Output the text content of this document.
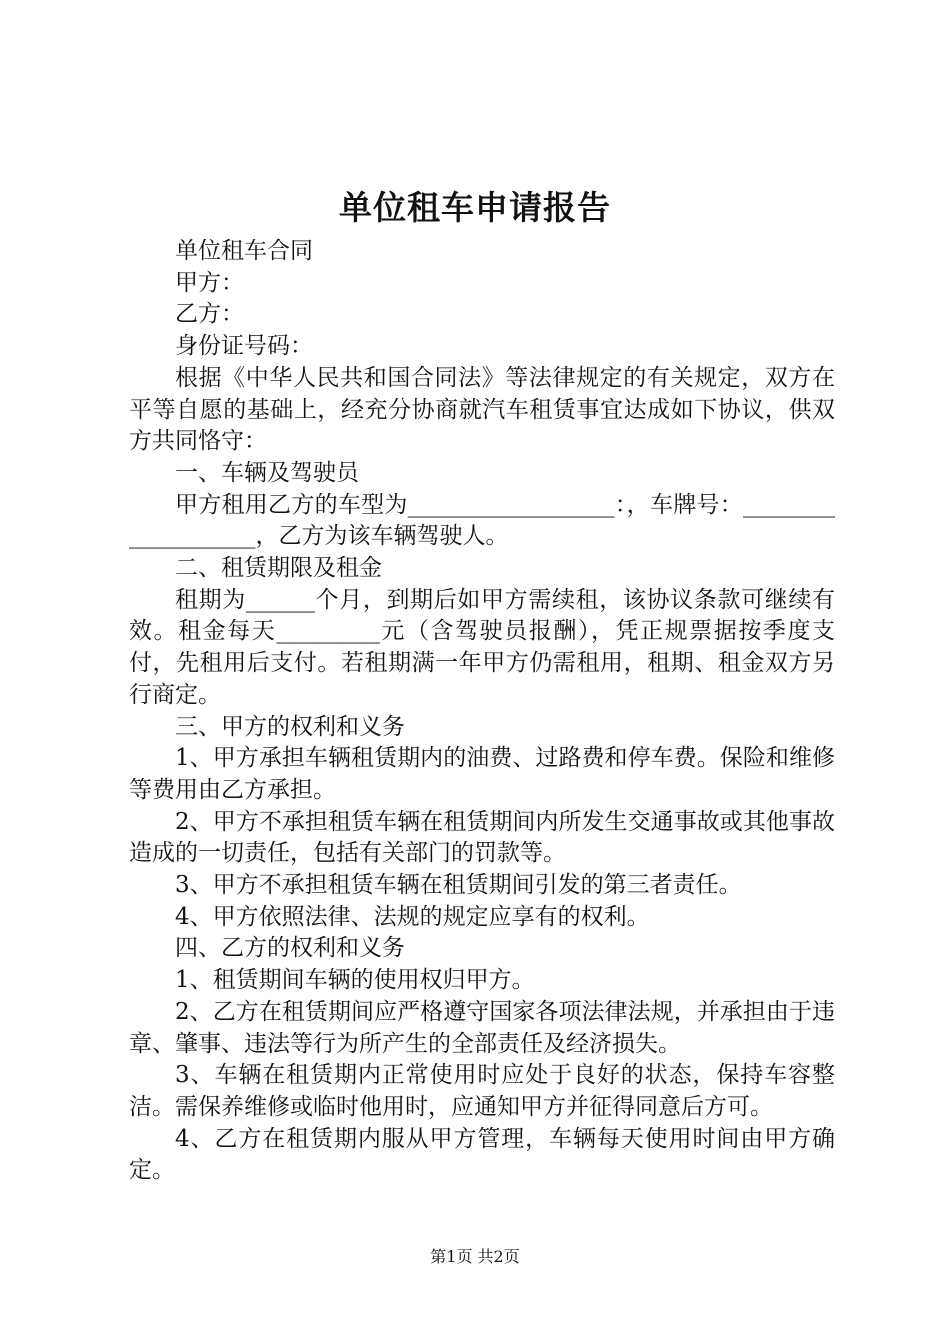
单位租车申请报告

单位租车合同

甲方：

乙方：

身份证号码：

根据《中华人民共和国合同法》等法律规定的有关规定，双方在平等自愿的基础上，经充分协商就汽车租赁事宜达成如下协议，供双方共同恪守：

一、车辆及驾驶员

甲方租用乙方的车型为__________________：，车牌号：___________________，乙方为该车辆驾驶人。

二、租赁期限及租金

租期为______个月，到期后如甲方需续租，该协议条款可继续有效。租金每天_________元（含驾驶员报酬），凭正规票据按季度支付，先租用后支付。若租期满一年甲方仍需租用，租期、租金双方另行商定。

三、甲方的权利和义务

1、甲方承担车辆租赁期内的油费、过路费和停车费。保险和维修等费用由乙方承担。

2、甲方不承担租赁车辆在租赁期间内所发生交通事故或其他事故造成的一切责任，包括有关部门的罚款等。

3、甲方不承担租赁车辆在租赁期间引发的第三者责任。

4、甲方依照法律、法规的规定应享有的权利。

四、乙方的权利和义务

1、租赁期间车辆的使用权归甲方。

2、乙方在租赁期间应严格遵守国家各项法律法规，并承担由于违章、肇事、违法等行为所产生的全部责任及经济损失。

3、车辆在租赁期内正常使用时应处于良好的状态，保持车容整洁。需保养维修或临时他用时，应通知甲方并征得同意后方可。

4、乙方在租赁期内服从甲方管理，车辆每天使用时间由甲方确定。

第1页 共2页
